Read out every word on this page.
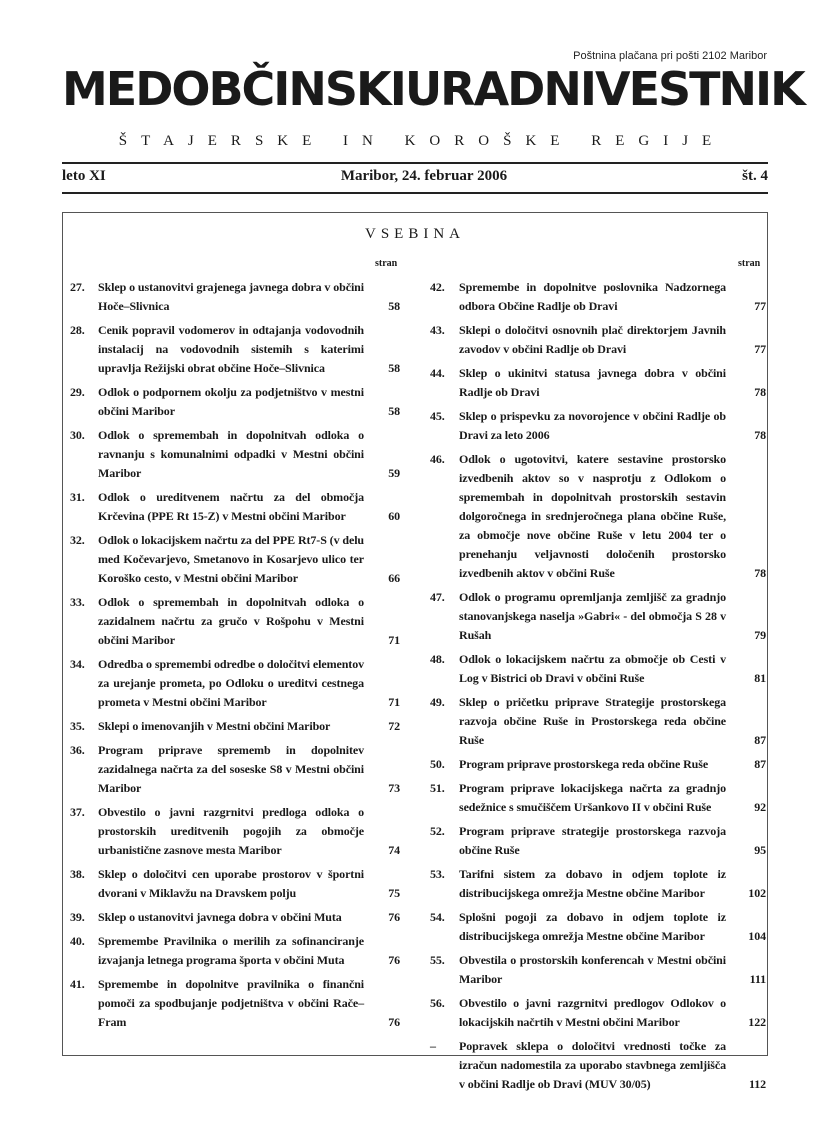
Poštnina plačana pri pošti 2102 Maribor
MEDOBČINSKI URADNI VESTNIK
ŠTAJERSKE IN KOROŠKE REGIJE
leto XI	Maribor, 24. februar 2006	št. 4
VSEBINA
stran	stran
27.	Sklep o ustanovitvi grajenega javnega dobra v občini Hoče–Slivnica	58
28.	Cenik popravil vodomerov in odtajanja vodovodnih instalacij na vodovodnih sistemih s katerimi upravlja Režijski obrat občine Hoče–Slivnica	58
29.	Odlok o podpornem okolju za podjetništvo v mestni občini Maribor	58
30.	Odlok o spremembah in dopolnitvah odloka o ravnanju s komunalnimi odpadki v Mestni občini Maribor	59
31.	Odlok o ureditvenem načrtu za del območja Krčevina (PPE Rt 15-Z) v Mestni občini Maribor	60
32.	Odlok o lokacijskem načrtu za del PPE Rt7-S (v delu med Kočevarjevo, Smetanovo in Kosarjevo ulico ter Koroško cesto, v Mestni občini Maribor	66
33.	Odlok o spremembah in dopolnitvah odloka o zazidalnem načrtu za gručo v Rošpohu v Mestni občini Maribor	71
34.	Odredba o spremembi odredbe o določitvi elementov za urejanje prometa, po Odloku o ureditvi cestnega prometa v Mestni občini Maribor	71
35.	Sklepi o imenovanjih v Mestni občini Maribor	72
36.	Program priprave sprememb in dopolnitev zazidalnega načrta za del soseske S8 v Mestni občini Maribor	73
37.	Obvestilo o javni razgrnitvi predloga odloka o prostorskih ureditvenih pogojih za območje urbanistične zasnove mesta Maribor	74
38.	Sklep o določitvi cen uporabe prostorov v športni dvorani v Miklavžu na Dravskem polju	75
39.	Sklep o ustanovitvi javnega dobra v občini Muta	76
40.	Spremembe Pravilnika o merilih za sofinanciranje izvajanja letnega programa športa v občini Muta	76
41.	Spremembe in dopolnitve pravilnika o finančni pomoči za spodbujanje podjetništva v občini Rače–Fram	76
42.	Spremembe in dopolnitve poslovnika Nadzornega odbora Občine Radlje ob Dravi	77
43.	Sklepi o določitvi osnovnih plač direktorjem Javnih zavodov v občini Radlje ob Dravi	77
44.	Sklep o ukinitvi statusa javnega dobra v občini Radlje ob Dravi	78
45.	Sklep o prispevku za novorojence v občini Radlje ob Dravi za leto 2006	78
46.	Odlok o ugotovitvi, katere sestavine prostorsko izvedbenih aktov so v nasprotju z Odlokom o spremembah in dopolnitvah prostorskih sestavin dolgoročnega in srednjeročnega plana občine Ruše, za območje nove občine Ruše v letu 2004 ter o prenehanju veljavnosti določenih prostorsko izvedbenih aktov v občini Ruše	78
47.	Odlok o programu opremljanja zemljišč za gradnjo stanovanjskega naselja »Gabri« - del območja S 28 v Rušah	79
48.	Odlok o lokacijskem načrtu za območje ob Cesti v Log v Bistrici ob Dravi v občini Ruše	81
49.	Sklep o pričetku priprave Strategije prostorskega razvoja občine Ruše in Prostorskega reda občine Ruše	87
50.	Program priprave prostorskega reda občine Ruše	87
51.	Program priprave lokacijskega načrta za gradnjo sedežnice s smučiščem Uršankovo II v občini Ruše	92
52.	Program priprave strategije prostorskega razvoja občine Ruše	95
53.	Tarifni sistem za dobavo in odjem toplote iz distribucijskega omrežja Mestne občine Maribor	102
54.	Splošni pogoji za dobavo in odjem toplote iz distribucijskega omrežja Mestne občine Maribor	104
55.	Obvestila o prostorskih konferencah v Mestni občini Maribor	111
56.	Obvestilo o javni razgrnitvi predlogov Odlokov o lokacijskih načrtih v Mestni občini Maribor	122
–	Popravek sklepa o določitvi vrednosti točke za izračun nadomestila za uporabo stavbnega zemljišča v občini Radlje ob Dravi (MUV 30/05)	112
